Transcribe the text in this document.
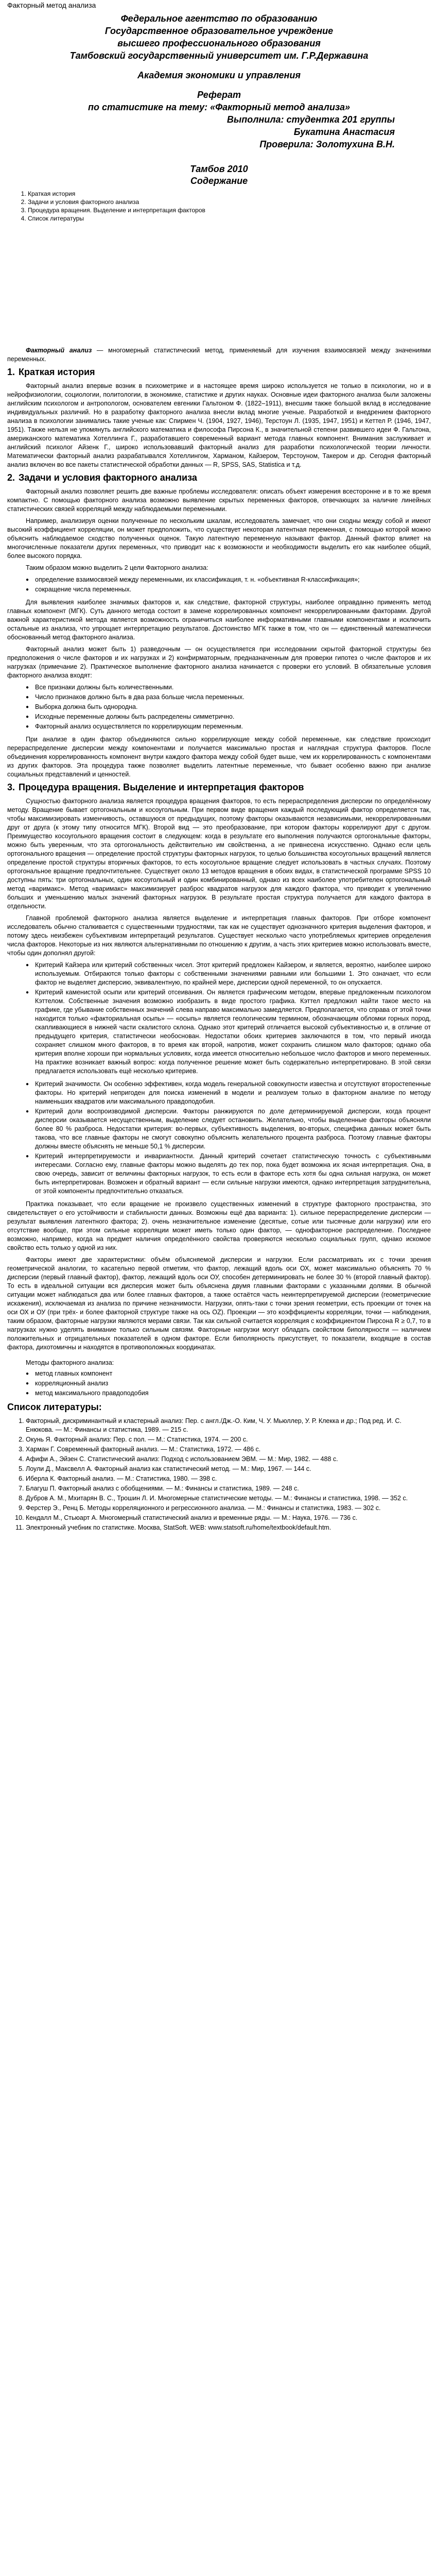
Факторный метод анализа
Федеральное агентство по образованию
Государственное образовательное учреждение
высшего профессионального образования
Тамбовский государственный университет им. Г.Р.Державина
Академия экономики и управления
Реферат
по статистике на тему: «Факторный метод анализа»
Выполнила: студентка 201 группы
Букатина Анастасия
Проверила: Золотухина В.Н.
Тамбов 2010
Содержание
1. Краткая история
2. Задачи и условия факторного анализа
3. Процедура вращения. Выделение и интерпретация факторов
4. Список литературы

Факторный анализ — многомерный статистический метод, применяемый для изучения взаимосвязей между значениями переменных.

1. Краткая история

Факторный анализ впервые возник в психометрике и в настоящее время широко используется не только в психологии, но и в нейрофизиологии, социологии, политологии, в экономике, статистике и других науках. Основные идеи факторного анализа были заложены английским психологом и антропологом, основателем евгеники Гальтоном Ф. (1822–1911), внесшим также большой вклад в исследование индивидуальных различий. Но в разработку факторного анализа внесли вклад многие ученые. Разработкой и внедрением факторного анализа в психологии занимались такие ученые как: Спирмен Ч. (1904, 1927, 1946), Терстоун Л. (1935, 1947, 1951) и Кеттел Р. (1946, 1947, 1951). Также нельзя не упомянуть английского математика и философа Пирсона К., в значительной степени развившего идеи Ф. Гальтона, американского математика Хотеллинга Г., разработавшего современный вариант метода главных компонент. Внимания заслуживает и английский психолог Айзенк Г., широко использовавший факторный анализ для разработки психологической теории личности. Математически факторный анализ разрабатывался Хотеллингом, Харманом, Кайзером, Терстоуном, Такером и др. Сегодня факторный анализ включен во все пакеты статистической обработки данных — R, SPSS, SAS, Statistica и т.д.

2. Задачи и условия факторного анализа

Факторный анализ позволяет решить две важные проблемы исследователя: описать объект измерения всесторонне и в то же время компактно. С помощью факторного анализа возможно выявление скрытых переменных факторов, отвечающих за наличие линейных статистических связей корреляций между наблюдаемыми переменными.

Например, анализируя оценки полученные по нескольким шкалам, исследователь замечает, что они сходны между собой и имеют высокий коэффициент корреляции, он может предположить, что существует некоторая латентная переменная, с помощью которой можно объяснить наблюдаемое сходство полученных оценок. Такую латентную переменную называют фактор. Данный фактор влияет на многочисленные показатели других переменных, что приводит нас к возможности и необходимости выделить его как наиболее общий, более высокого порядка.

Таким образом можно выделить 2 цели Факторного анализа:

● определение взаимосвязей между переменными, их классификация, т. н. «объективная R-классификация»;
● сокращение числа переменных.

Для выявления наиболее значимых факторов и, как следствие, факторной структуры, наиболее оправданно применять метод главных компонент (МГК). Суть данного метода состоит в замене коррелированных компонент некоррелированными факторами. Другой важной характеристикой метода является возможность ограничиться наиболее информативными главными компонентами и исключить остальные из анализа, что упрощает интерпретацию результатов. Достоинство МГК также в том, что он — единственный математически обоснованный метод факторного анализа.

Факторный анализ может быть 1) разведочным — он осуществляется при исследовании скрытой факторной структуры без предположения о числе факторов и их нагрузках и 2) конфирматорным, предназначенным для проверки гипотез о числе факторов и их нагрузках (примечание 2). Практическое выполнение факторного анализа начинается с проверки его условий. В обязательные условия факторного анализа входят:

● Все признаки должны быть количественными.
● Число признаков должно быть в два раза больше числа переменных.
● Выборка должна быть однородна.
● Исходные переменные должны быть распределены симметрично.
● Факторный анализ осуществляется по коррелирующим переменным.

При анализе в один фактор объединяются сильно коррелирующие между собой переменные, как следствие происходит перераспределение дисперсии между компонентами и получается максимально простая и наглядная структура факторов. После объединения коррелированность компонент внутри каждого фактора между собой будет выше, чем их коррелированность с компонентами из других факторов. Эта процедура также позволяет выделить латентные переменные, что бывает особенно важно при анализе социальных представлений и ценностей.

3. Процедура вращения. Выделение и интерпретация факторов

Сущностью факторного анализа является процедура вращения факторов, то есть перераспределения дисперсии по определённому методу. Вращение бывает ортогональным и косоугольным. При первом виде вращения каждый последующий фактор определяется так, чтобы максимизировать изменчивость, оставшуюся от предыдущих, поэтому факторы оказываются независимыми, некоррелированными друг от друга (к этому типу относится МГК). Второй вид — это преобразование, при котором факторы коррелируют друг с другом. Преимущество косоугольного вращения состоит в следующем: когда в результате его выполнения получаются ортогональные факторы, можно быть уверенным, что эта ортогональность действительно им свойственна, а не привнесена искусственно. Однако если цель ортогонального вращения — определение простой структуры факторных нагрузок, то целью большинства косоугольных вращений является определение простой структуры вторичных факторов, то есть косоугольное вращение следует использовать в частных случаях. Поэтому ортогональное вращение предпочтительнее. Существует около 13 методов вращения в обоих видах, в статистической программе SPSS 10 доступны пять: три ортогональных, один косоугольный и один комбинированный, однако из всех наиболее употребителен ортогональный метод «варимакс». Метод «варимакс» максимизирует разброс квадратов нагрузок для каждого фактора, что приводит к увеличению больших и уменьшению малых значений факторных нагрузок. В результате простая структура получается для каждого фактора в отдельности.

Главной проблемой факторного анализа является выделение и интерпретация главных факторов. При отборе компонент исследователь обычно сталкивается с существенными трудностями, так как не существует однозначного критерия выделения факторов, и потому здесь неизбежен субъективизм интерпретаций результатов. Существует несколько часто употребляемых критериев определения числа факторов. Некоторые из них являются альтернативными по отношению к другим, а часть этих критериев можно использовать вместе, чтобы один дополнял другой:

● Критерий Кайзера или критерий собственных чисел. Этот критерий предложен Кайзером, и является, вероятно, наиболее широко используемым. Отбираются только факторы с собственными значениями равными или большими 1. Это означает, что если фактор не выделяет дисперсию, эквивалентную, по крайней мере, дисперсии одной переменной, то он опускается.
● Критерий каменистой осыпи или критерий отсеивания. Он является графическим методом, впервые предложенным психологом Кэттелом. Собственные значения возможно изобразить в виде простого графика. Кэттел предложил найти такое место на графике, где убывание собственных значений слева направо максимально замедляется. Предполагается, что справа от этой точки находится только «факториальная осыпь» — «осыпь» является геологическим термином, обозначающим обломки горных пород, скапливающиеся в нижней части скалистого склона. Однако этот критерий отличается высокой субъективностью и, в отличие от предыдущего критерия, статистически необоснован. Недостатки обоих критериев заключаются в том, что первый иногда сохраняет слишком много факторов, в то время как второй, напротив, может сохранить слишком мало факторов; однако оба критерия вполне хороши при нормальных условиях, когда имеется относительно небольшое число факторов и много переменных. На практике возникает важный вопрос: когда полученное решение может быть содержательно интерпретировано. В этой связи предлагается использовать ещё несколько критериев.
● Критерий значимости. Он особенно эффективен, когда модель генеральной совокупности известна и отсутствуют второстепенные факторы. Но критерий непригоден для поиска изменений в модели и реализуем только в факторном анализе по методу наименьших квадратов или максимального правдоподобия.
● Критерий доли воспроизводимой дисперсии. Факторы ранжируются по доле детерминируемой дисперсии, когда процент дисперсии оказывается несущественным, выделение следует остановить. Желательно, чтобы выделенные факторы объясняли более 80 % разброса. Недостатки критерия: во-первых, субъективность выделения, во-вторых, специфика данных может быть такова, что все главные факторы не смогут совокупно объяснить желательного процента разброса. Поэтому главные факторы должны вместе объяснять не меньше 50,1 % дисперсии.
● Критерий интерпретируемости и инвариантности. Данный критерий сочетает статистическую точность с субъективными интересами. Согласно ему, главные факторы можно выделять до тех пор, пока будет возможна их ясная интерпретация. Она, в свою очередь, зависит от величины факторных нагрузок, то есть если в факторе есть хотя бы одна сильная нагрузка, он может быть интерпретирован. Возможен и обратный вариант — если сильные нагрузки имеются, однако интерпретация затруднительна, от этой компоненты предпочтительно отказаться.

Практика показывает, что если вращение не произвело существенных изменений в структуре факторного пространства, это свидетельствует о его устойчивости и стабильности данных. Возможны ещё два варианта: 1). сильное перераспределение дисперсии — результат выявления латентного фактора; 2). очень незначительное изменение (десятые, сотые или тысячные доли нагрузки) или его отсутствие вообще, при этом сильные корреляции может иметь только один фактор, — однофакторное распределение. Последнее возможно, например, когда на предмет наличия определённого свойства проверяются несколько социальных групп, однако искомое свойство есть только у одной из них.

Факторы имеют две характеристики: объём объясняемой дисперсии и нагрузки. Если рассматривать их с точки зрения геометрической аналогии, то касательно первой отметим, что фактор, лежащий вдоль оси ОХ, может максимально объяснять 70 % дисперсии (первый главный фактор), фактор, лежащий вдоль оси ОУ, способен детерминировать не более 30 % (второй главный фактор). То есть в идеальной ситуации вся дисперсия может быть объяснена двумя главными факторами с указанными долями. В обычной ситуации может наблюдаться два или более главных факторов, а также остаётся часть неинтерпретируемой дисперсии (геометрические искажения), исключаемая из анализа по причине незначимости. Нагрузки, опять-таки с точки зрения геометрии, есть проекции от точек на оси ОХ и ОУ (при трёх- и более факторной структуре также на ось ОZ). Проекции — это коэффициенты корреляции, точки — наблюдения, таким образом, факторные нагрузки являются мерами связи. Так как сильной считается корреляция с коэффициентом Пирсона R ≥ 0,7, то в нагрузках нужно уделять внимание только сильным связям. Факторные нагрузки могут обладать свойством биполярности — наличием положительных и отрицательных показателей в одном факторе. Если биполярность присутствует, то показатели, входящие в состав фактора, дихотомичны и находятся в противоположных координатах.

Методы факторного анализа:
● метод главных компонент
● корреляционный анализ
● метод максимального правдоподобия
Список литературы:
1. Факторный, дискриминантный и кластерный анализ: Пер. с англ./Дж.-О. Ким, Ч. У. Мьюллер, У. Р. Клекка и др.; Под ред. И. С. Енюкова. — М.: Финансы и статистика, 1989. — 215 с.
2. Окунь Я. Факторный анализ: Пер. с пол. — М.: Статистика, 1974. — 200 с.
3. Харман Г. Современный факторный анализ. — М.: Статистика, 1972. — 486 с.
4. Афифи А., Эйзен С. Статистический анализ: Подход с использованием ЭВМ. — М.: Мир, 1982. — 488 с.
5. Лоули Д., Максвелл А. Факторный анализ как статистический метод. — М.: Мир, 1967. — 144 с.
6. Иберла К. Факторный анализ. — М.: Статистика, 1980. — 398 с.
7. Благуш П. Факторный анализ с обобщениями. — М.: Финансы и статистика, 1989. — 248 с.
8. Дубров А. М., Мхитарян В. С., Трошин Л. И. Многомерные статистические методы. — М.: Финансы и статистика, 1998. — 352 с.
9. Ферстер Э., Ренц Б. Методы корреляционного и регрессионного анализа. — М.: Финансы и статистика, 1983. — 302 с.
10. Кендалл М., Стьюарт А. Многомерный статистический анализ и временные ряды. — М.: Наука, 1976. — 736 с.
11. Электронный учебник по статистике. Москва, StatSoft. WEB: www.statsoft.ru/home/textbook/default.htm.
